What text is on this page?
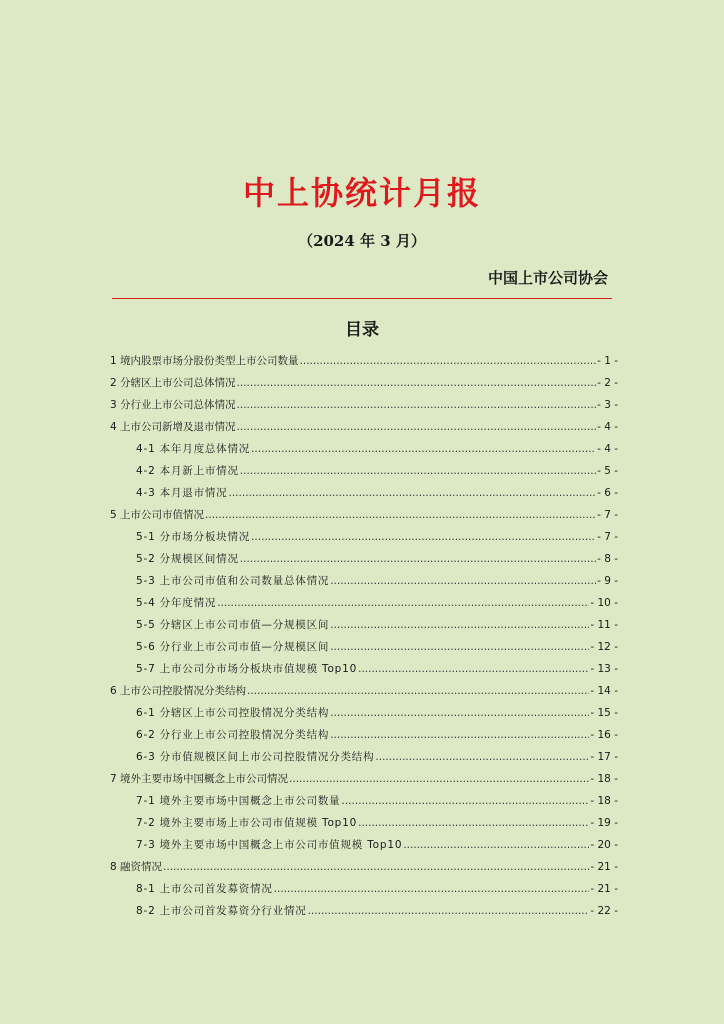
中上协统计月报
（2024 年 3 月）
中国上市公司协会
目录
1 境内股票市场分股份类型上市公司数量 .....	- 1 -
2 分辖区上市公司总体情况 .....	- 2 -
3 分行业上市公司总体情况 .....	- 3 -
4 上市公司新增及退市情况 .....	- 4 -
4-1 本年月度总体情况 .....	- 4 -
4-2 本月新上市情况 .....	- 5 -
4-3 本月退市情况 .....	- 6 -
5 上市公司市值情况 .....	- 7 -
5-1 分市场分板块情况 .....	- 7 -
5-2 分规模区间情况 .....	- 8 -
5-3 上市公司市值和公司数量总体情况 .....	- 9 -
5-4 分年度情况 .....	- 10 -
5-5 分辖区上市公司市值—分规模区间 .....	- 11 -
5-6 分行业上市公司市值—分规模区间 .....	- 12 -
5-7 上市公司分市场分板块市值规模 Top10 .....	- 13 -
6 上市公司控股情况分类结构 .....	- 14 -
6-1 分辖区上市公司控股情况分类结构 .....	- 15 -
6-2 分行业上市公司控股情况分类结构 .....	- 16 -
6-3 分市值规模区间上市公司控股情况分类结构 .....	- 17 -
7 境外主要市场中国概念上市公司情况 .....	- 18 -
7-1 境外主要市场中国概念上市公司数量 .....	- 18 -
7-2 境外主要市场上市公司市值规模 Top10 .....	- 19 -
7-3 境外主要市场中国概念上市公司市值规模 Top10 .....	- 20 -
8 融资情况 .....	- 21 -
8-1 上市公司首发募资情况 .....	- 21 -
8-2 上市公司首发募资分行业情况 .....	- 22 -
